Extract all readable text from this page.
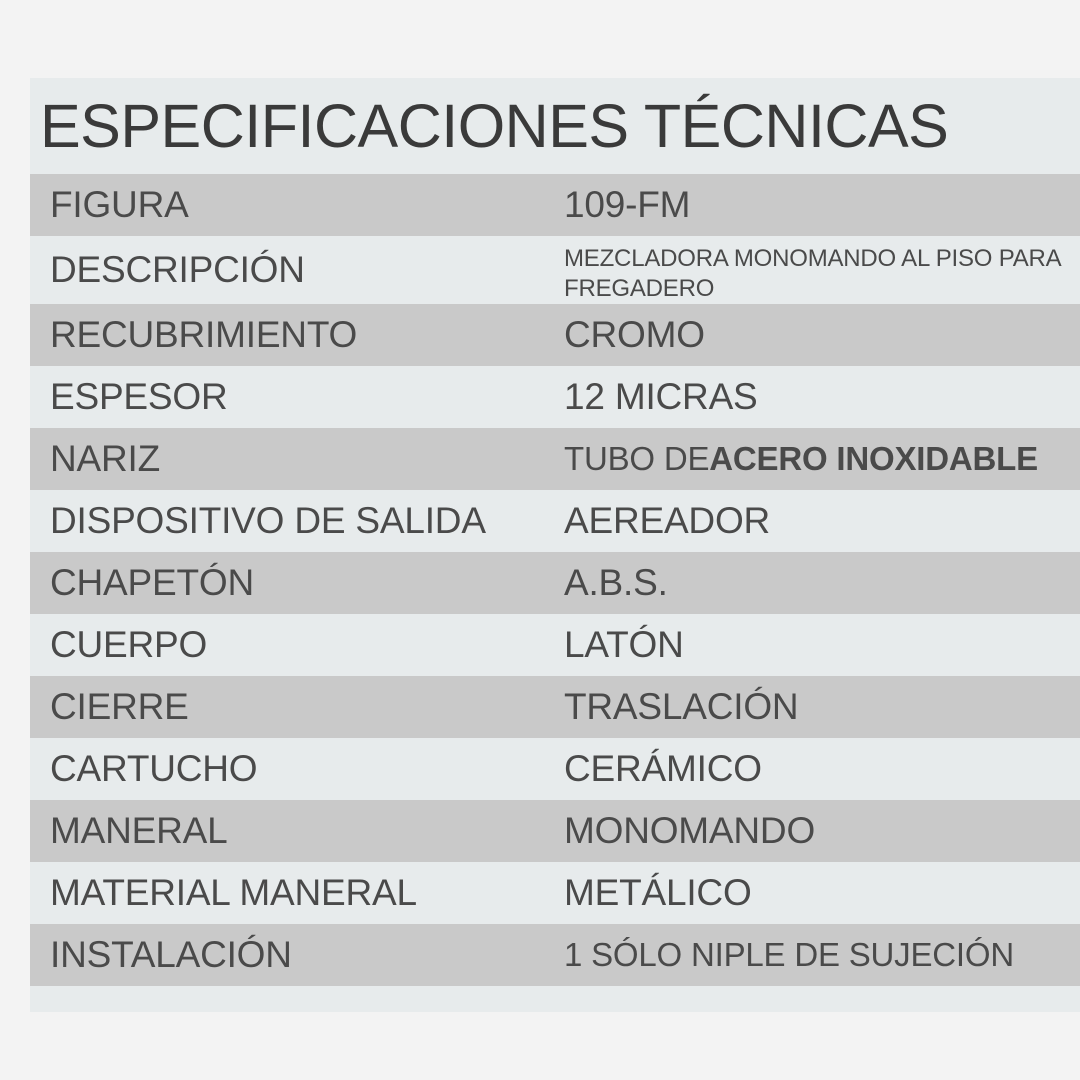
ESPECIFICACIONES TÉCNICAS
FIGURA	109-FM
DESCRIPCIÓN	MEZCLADORA MONOMANDO AL PISO PARA FREGADERO
RECUBRIMIENTO	CROMO
ESPESOR	12 MICRAS
NARIZ	TUBO DE ACERO INOXIDABLE
DISPOSITIVO DE SALIDA	AEREADOR
CHAPETÓN	A.B.S.
CUERPO	LATÓN
CIERRE	TRASLACIÓN
CARTUCHO	CERÁMICO
MANERAL	MONOMANDO
MATERIAL MANERAL	METÁLICO
INSTALACIÓN	1 SÓLO NIPLE DE SUJECIÓN
